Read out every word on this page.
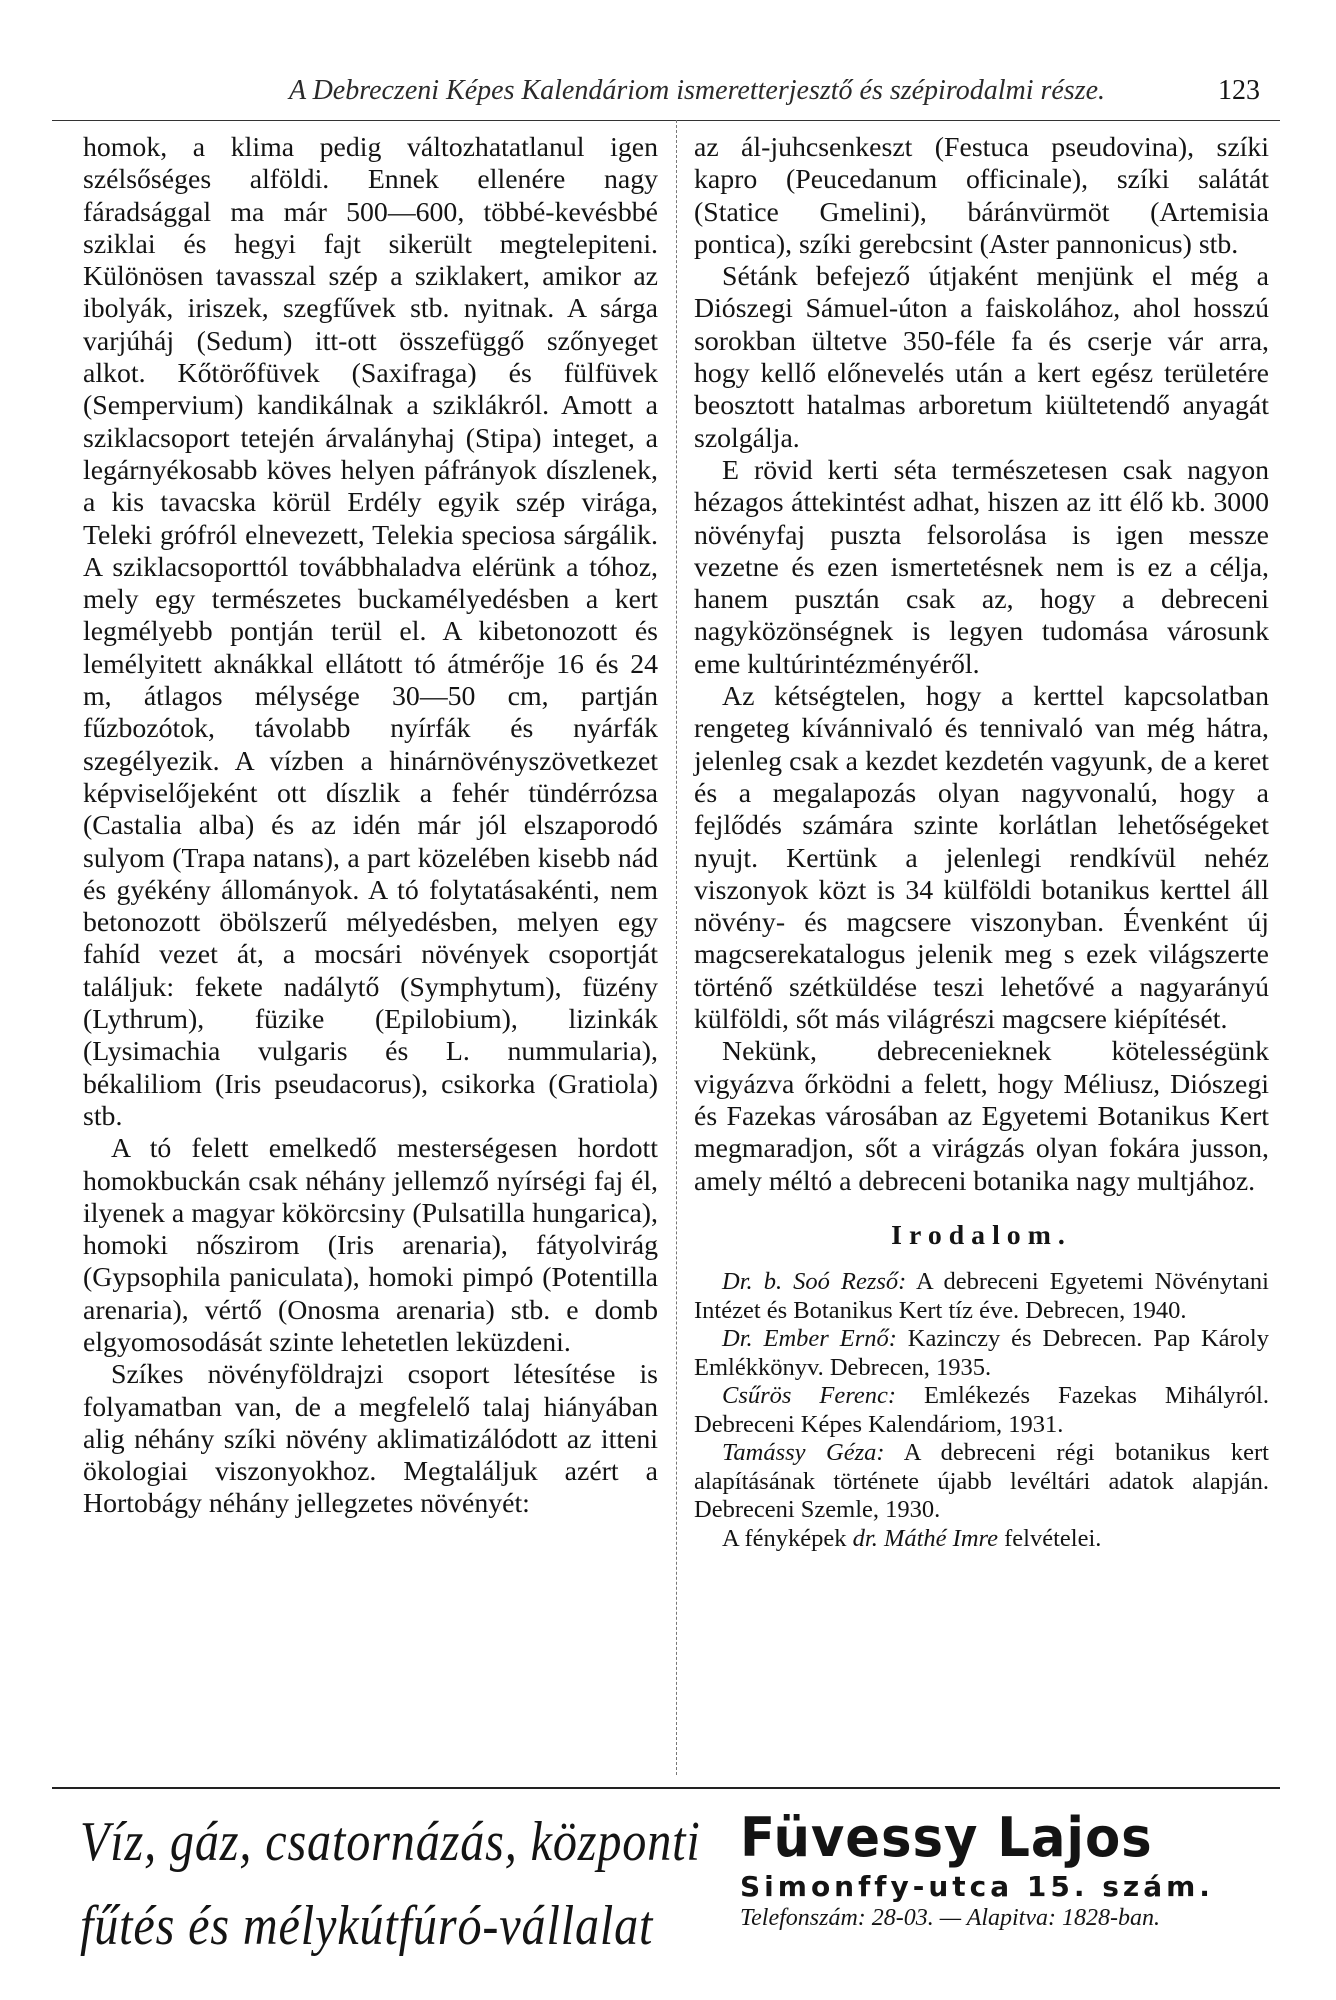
A Debreczeni Képes Kalendáriom ismeretterjesztő és szépirodalmi része.	123

homok, a klima pedig változhatatlanul igen szélsőséges alföldi. Ennek ellenére nagy fáradsággal ma már 500—600, többé-kevésbbé sziklai és hegyi fajt sikerült megtelepiteni. Különösen tavasszal szép a sziklakert, amikor az ibolyák, iriszek, szegfűvek stb. nyitnak. A sárga varjúháj (Sedum) itt-ott összefüggő szőnyeget alkot. Kőtörőfüvek (Saxifraga) és fülfüvek (Sempervium) kandikálnak a sziklákról. Amott a sziklacsoport tetején árvalányhaj (Stipa) integet, a legárnyékosabb köves helyen páfrányok díszlenek, a kis tavacska körül Erdély egyik szép virága, Teleki grófról elnevezett, Telekia speciosa sárgálik. A sziklacsoporttól továbbhaladva elérünk a tóhoz, mely egy természetes buckamélyedésben a kert legmélyebb pontján terül el. A kibetonozott és lemélyitett aknákkal ellátott tó átmérője 16 és 24 m, átlagos mélysége 30—50 cm, partján fűzbozótok, távolabb nyírfák és nyárfák szegélyezik. A vízben a hinárnövényszövetkezet képviselőjeként ott díszlik a fehér tündérrózsa (Castalia alba) és az idén már jól elszaporodó sulyom (Trapa natans), a part közelében kisebb nád és gyékény állományok. A tó folytatásakénti, nem betonozott öbölszerű mélyedésben, melyen egy fahíd vezet át, a mocsári növények csoportját találjuk: fekete nadálytő (Symphytum), füzény (Lythrum), füzike (Epilobium), lizinkák (Lysimachia vulgaris és L. nummularia), békaliliom (Iris pseudacorus), csikorka (Gratiola) stb.

A tó felett emelkedő mesterségesen hordott homokbuckán csak néhány jellemző nyírségi faj él, ilyenek a magyar kökörcsiny (Pulsatilla hungarica), homoki nőszirom (Iris arenaria), fátyolvirág (Gypsophila paniculata), homoki pimpó (Potentilla arenaria), vértő (Onosma arenaria) stb. e domb elgyomosodását szinte lehetetlen leküzdeni.

Szíkes növényföldrajzi csoport létesítése is folyamatban van, de a megfelelő talaj hiányában alig néhány szíki növény aklimatizálódott az itteni ökologiai viszonyokhoz. Megtaláljuk azért a Hortobágy néhány jellegzetes növényét:

az ál-juhcsenkeszt (Festuca pseudovina), szíki kapro (Peucedanum officinale), szíki salátát (Statice Gmelini), báránvürmöt (Artemisia pontica), szíki gerebcsint (Aster pannonicus) stb.

Sétánk befejező útjaként menjünk el még a Diószegi Sámuel-úton a faiskolához, ahol hosszú sorokban ültetve 350-féle fa és cserje vár arra, hogy kellő előnevelés után a kert egész területére beosztott hatalmas arboretum kiültetendő anyagát szolgálja.

E rövid kerti séta természetesen csak nagyon hézagos áttekintést adhat, hiszen az itt élő kb. 3000 növényfaj puszta felsorolása is igen messze vezetne és ezen ismertetésnek nem is ez a célja, hanem pusztán csak az, hogy a debreceni nagyközönségnek is legyen tudomása városunk eme kultúrintézményéről.

Az kétségtelen, hogy a kerttel kapcsolatban rengeteg kívánnivaló és tennivaló van még hátra, jelenleg csak a kezdet kezdetén vagyunk, de a keret és a megalapozás olyan nagyvonalú, hogy a fejlődés számára szinte korlátlan lehetőségeket nyujt. Kertünk a jelenlegi rendkívül nehéz viszonyok közt is 34 külföldi botanikus kerttel áll növény- és magcsere viszonyban. Évenként új magcserekatalogus jelenik meg s ezek világszerte történő szétküldése teszi lehetővé a nagyarányú külföldi, sőt más világrészi magcsere kiépítését.

Nekünk, debrecenieknek kötelességünk vigyázva őrködni a felett, hogy Méliusz, Diószegi és Fazekas városában az Egyetemi Botanikus Kert megmaradjon, sőt a virágzás olyan fokára jusson, amely méltó a debreceni botanika nagy multjához.

Irodalom.

Dr. b. Soó Rezső: A debreceni Egyetemi Növénytani Intézet és Botanikus Kert tíz éve. Debrecen, 1940.

Dr. Ember Ernő: Kazinczy és Debrecen. Pap Károly Emlékkönyv. Debrecen, 1935.

Csűrös Ferenc: Emlékezés Fazekas Mihályról. Debreceni Képes Kalendáriom, 1931.

Tamássy Géza: A debreceni régi botanikus kert alapításának története újabb levéltári adatok alapján. Debreceni Szemle, 1930.

A fényképek dr. Máthé Imre felvételei.

Víz, gáz, csatornázás, központi
fűtés és mélykútfúró-vállalat
Füvessy Lajos
Simonffy-utca 15. szám.
Telefonszám: 28-03. — Alapitva: 1828-ban.
